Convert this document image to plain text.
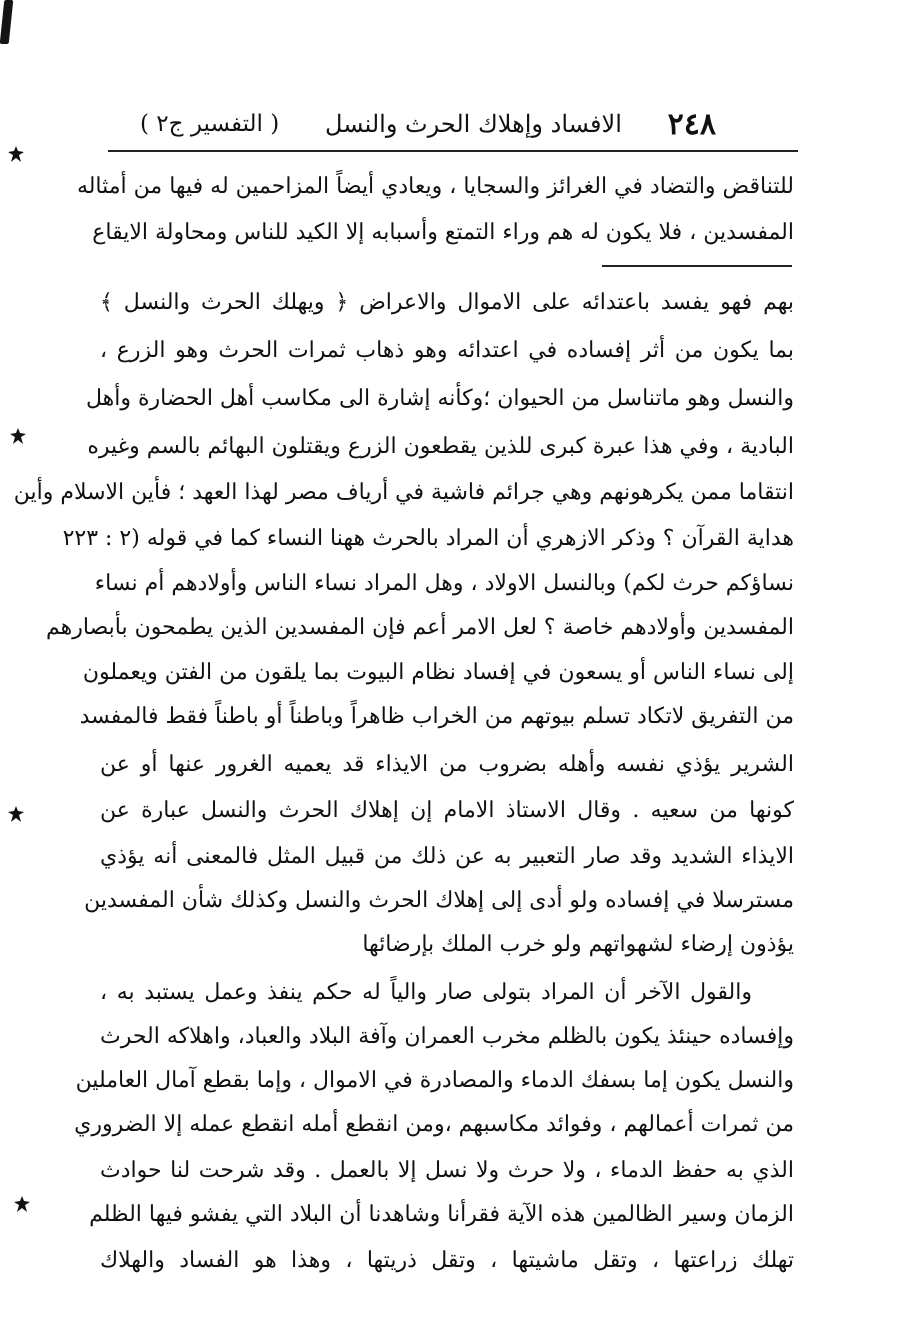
٢٤٨
الافساد وإهلاك الحرث والنسل
( التفسير ج٢ )
للتناقض والتضاد في الغرائز والسجايا ، ويعادي أيضاً المزاحمين له فيها من أمثاله
المفسدين ، فلا يكون له هم وراء التمتع وأسبابه إلا الكيد للناس ومحاولة الايقاع
بهم فهو يفسد باعتدائه على الاموال والاعراض ﴿ ويهلك الحرث والنسل ﴾
بما يكون من أثر إفساده في اعتدائه وهو ذهاب ثمرات الحرث وهو الزرع ،
والنسل وهو ماتناسل من الحيوان ؛وكأنه إشارة الى مكاسب أهل الحضارة وأهل
البادية ، وفي هذا عبرة كبرى للذين يقطعون الزرع ويقتلون البهائم بالسم وغيره
انتقاما ممن يكرهونهم وهي جرائم فاشية في أرياف مصر لهذا العهد ؛ فأين الاسلام وأين
هداية القرآن ؟ وذكر الازهري أن المراد بالحرث ههنا النساء كما في قوله (٢ : ٢٢٣
نساؤكم حرث لكم) وبالنسل الاولاد ، وهل المراد نساء الناس وأولادهم أم نساء
المفسدين وأولادهم خاصة ؟ لعل الامر أعم فإن المفسدين الذين يطمحون بأبصارهم
إلى نساء الناس أو يسعون في إفساد نظام البيوت بما يلقون من الفتن ويعملون
من التفريق لاتكاد تسلم بيوتهم من الخراب ظاهراً وباطناً أو باطناً فقط فالمفسد
الشرير يؤذي نفسه وأهله بضروب من الايذاء قد يعميه الغرور عنها أو عن
كونها من سعيه . وقال الاستاذ الامام إن إهلاك الحرث والنسل عبارة عن
الايذاء الشديد وقد صار التعبير به عن ذلك من قبيل المثل فالمعنى أنه يؤذي
مسترسلا في إفساده ولو أدى إلى إهلاك الحرث والنسل وكذلك شأن المفسدين
يؤذون إرضاء لشهواتهم ولو خرب الملك بإرضائها
والقول الآخر أن المراد بتولى صار والياً له حكم ينفذ وعمل يستبد به ،
وإفساده حينئذ يكون بالظلم مخرب العمران وآفة البلاد والعباد، واهلاكه الحرث
والنسل يكون إما بسفك الدماء والمصادرة في الاموال ، وإما بقطع آمال العاملين
من ثمرات أعمالهم ، وفوائد مكاسبهم ،ومن انقطع أمله انقطع عمله إلا الضروري
الذي به حفظ الدماء ، ولا حرث ولا نسل إلا بالعمل . وقد شرحت لنا حوادث
الزمان وسير الظالمين هذه الآية فقرأنا وشاهدنا أن البلاد التي يفشو فيها الظلم
تهلك زراعتها ، وتقل ماشيتها ، وتقل ذريتها ، وهذا هو الفساد والهلاك
